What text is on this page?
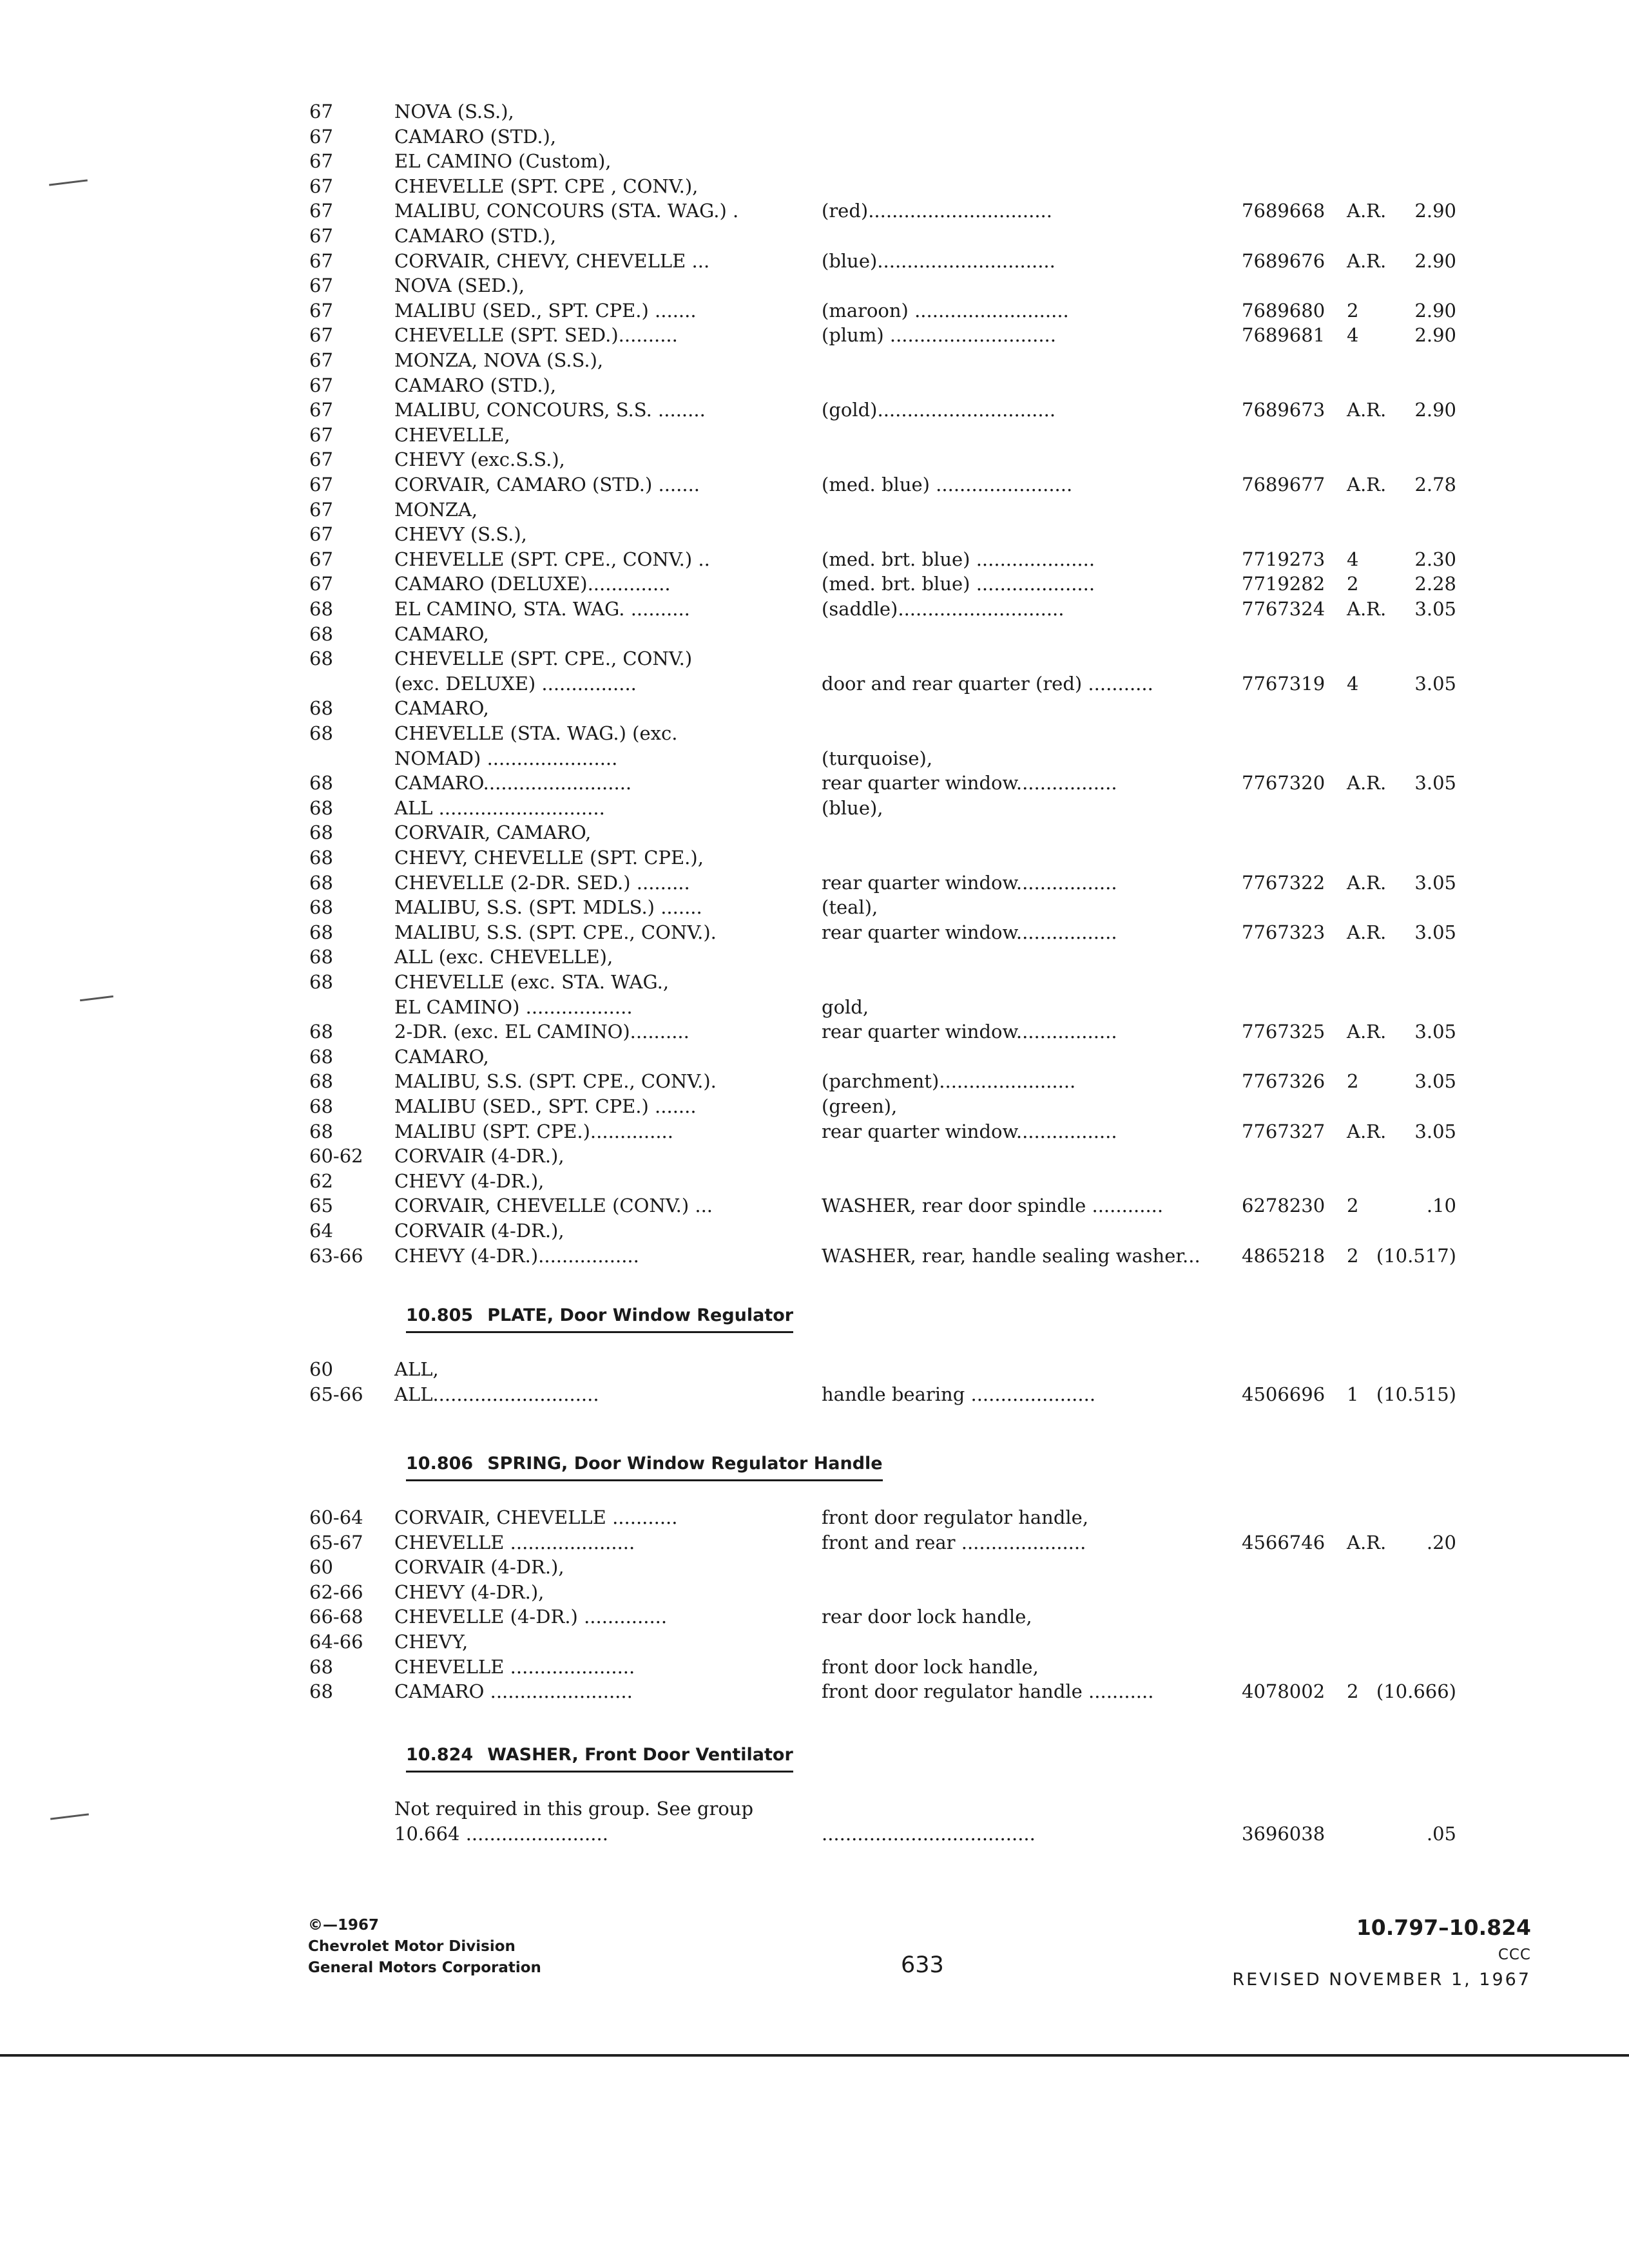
67	NOVA (S.S.),
67	CAMARO (STD.),
67	EL CAMINO (Custom),
67	CHEVELLE (SPT. CPE , CONV.),
67	MALIBU, CONCOURS (STA. WAG.) .	(red)...............................	7689668 A.R. 2.90
67	CAMARO (STD.),
67	CORVAIR, CHEVY, CHEVELLE ...	(blue)..............................	7689676 A.R. 2.90
67	NOVA (SED.),
67	MALIBU (SED., SPT. CPE.) .......	(maroon) ..........................	7689680 2	2.90
67	CHEVELLE (SPT. SED.)..........	(plum) ............................	7689681 4	2.90
67	MONZA, NOVA (S.S.),
67	CAMARO (STD.),
67	MALIBU, CONCOURS, S.S. ........	(gold)..............................	7689673 A.R. 2.90
67	CHEVELLE,
67	CHEVY (exc.S.S.),
67	CORVAIR, CAMARO (STD.) .......	(med. blue) .......................	7689677 A.R. 2.78
67	MONZA,
67	CHEVY (S.S.),
67	CHEVELLE (SPT. CPE., CONV.) ..	(med. brt. blue) ....................	7719273 4	2.30
67	CAMARO (DELUXE)..............	(med. brt. blue) ....................	7719282 2	2.28
68	EL CAMINO, STA. WAG. ..........	(saddle)............................	7767324 A.R. 3.05
68	CAMARO,
68	CHEVELLE (SPT. CPE., CONV.)
(exc. DELUXE) ................	door and rear quarter (red) ...........	7767319 4	3.05
68	CAMARO,
68	CHEVELLE (STA. WAG.) (exc.
NOMAD) ......................	(turquoise),
68	CAMARO.........................	rear quarter window.................	7767320 A.R. 3.05
68	ALL ............................	(blue),
68	CORVAIR, CAMARO,
68	CHEVY, CHEVELLE (SPT. CPE.),
68	CHEVELLE (2-DR. SED.) .........	rear quarter window.................	7767322 A.R. 3.05
68	MALIBU, S.S. (SPT. MDLS.) .......	(teal),
68	MALIBU, S.S. (SPT. CPE., CONV.).	rear quarter window.................	7767323 A.R. 3.05
68	ALL (exc. CHEVELLE),
68	CHEVELLE (exc. STA. WAG.,
EL CAMINO) ..................	gold,
68	2-DR. (exc. EL CAMINO)..........	rear quarter window.................	7767325 A.R. 3.05
68	CAMARO,
68	MALIBU, S.S. (SPT. CPE., CONV.).	(parchment).......................	7767326 2	3.05
68	MALIBU (SED., SPT. CPE.) .......	(green),
68	MALIBU (SPT. CPE.)..............	rear quarter window.................	7767327 A.R. 3.05
60-62 CORVAIR (4-DR.),
62	CHEVY (4-DR.),
65	CORVAIR, CHEVELLE (CONV.) ...	WASHER, rear door spindle ............	6278230 2	.10
64	CORVAIR (4-DR.),
63-66 CHEVY (4-DR.).................	WASHER, rear, handle sealing washer... 4865218 2 (10.517)
10.805 PLATE, Door Window Regulator
60	ALL,
65-66 ALL............................	handle bearing .....................	4506696 1 (10.515)
10.806 SPRING, Door Window Regulator Handle
60-64 CORVAIR, CHEVELLE ...........	front door regulator handle,
65-67 CHEVELLE .....................	front and rear .....................	4566746 A.R. .20
60	CORVAIR (4-DR.),
62-66 CHEVY (4-DR.),
66-68 CHEVELLE (4-DR.) ..............	rear door lock handle,
64-66 CHEVY,
68	CHEVELLE .....................	front door lock handle,
68	CAMARO ........................	front door regulator handle ...........	4078002 2 (10.666)
10.824 WASHER, Front Door Ventilator
Not required in this group. See group
10.664 ........................	....................................	3696038	.05
©—1967
Chevrolet Motor Division
General Motors Corporation	633
10.797–10.824
CCC
REVISED NOVEMBER 1, 1967
